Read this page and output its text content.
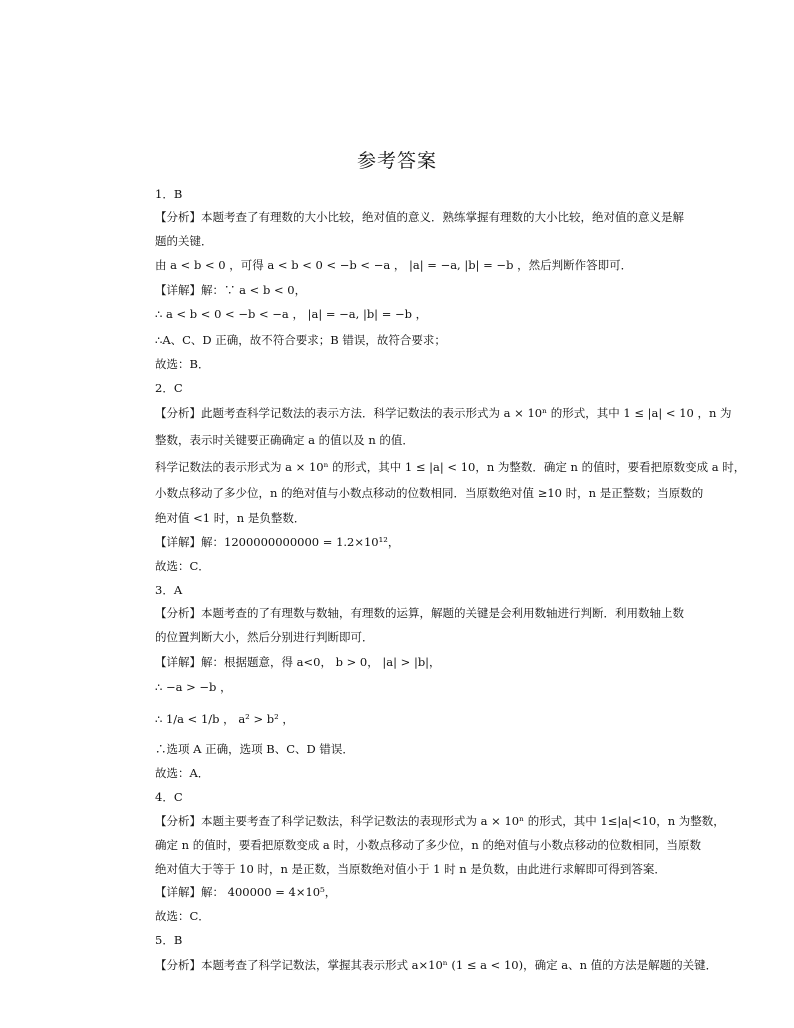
参考答案
1．B
【分析】本题考查了有理数的大小比较，绝对值的意义．熟练掌握有理数的大小比较，绝对值的意义是解
题的关键．
由 a < b < 0 ，可得 a < b < 0 < −b < −a ， |a| = −a, |b| = −b ，然后判断作答即可．
【详解】解：∵ a < b < 0，
∴ a < b < 0 < −b < −a ， |a| = −a, |b| = −b ，
∴A、C、D 正确，故不符合要求；B 错误，故符合要求；
故选：B．
2．C
【分析】此题考查科学记数法的表示方法．科学记数法的表示形式为 a × 10ⁿ 的形式，其中 1 ≤ |a| < 10 ，n 为
整数，表示时关键要正确确定 a 的值以及 n 的值．
科学记数法的表示形式为 a × 10ⁿ 的形式，其中 1 ≤ |a| < 10，n 为整数．确定 n 的值时，要看把原数变成 a 时，
小数点移动了多少位，n 的绝对值与小数点移动的位数相同．当原数绝对值 ≥10 时，n 是正整数；当原数的
绝对值 <1 时，n 是负整数．
【详解】解：1200000000000 = 1.2×10¹²，
故选：C．
3．A
【分析】本题考查的了有理数与数轴，有理数的运算，解题的关键是会利用数轴进行判断．利用数轴上数
的位置判断大小，然后分别进行判断即可．
【详解】解：根据题意，得 a<0， b > 0， |a| > |b|，
∴ −a > −b ，
∴ 1/a < 1/b ， a² > b² ，
∴选项 A 正确，选项 B、C、D 错误．
故选：A．
4．C
【分析】本题主要考查了科学记数法，科学记数法的表现形式为 a × 10ⁿ 的形式，其中 1≤|a|<10，n 为整数，
确定 n 的值时，要看把原数变成 a 时，小数点移动了多少位，n 的绝对值与小数点移动的位数相同，当原数
绝对值大于等于 10 时，n 是正数，当原数绝对值小于 1 时 n 是负数，由此进行求解即可得到答案．
【详解】解： 400000 = 4×10⁵，
故选：C．
5．B
【分析】本题考查了科学记数法，掌握其表示形式 a×10ⁿ (1 ≤ a < 10)，确定 a、n 值的方法是解题的关键．
